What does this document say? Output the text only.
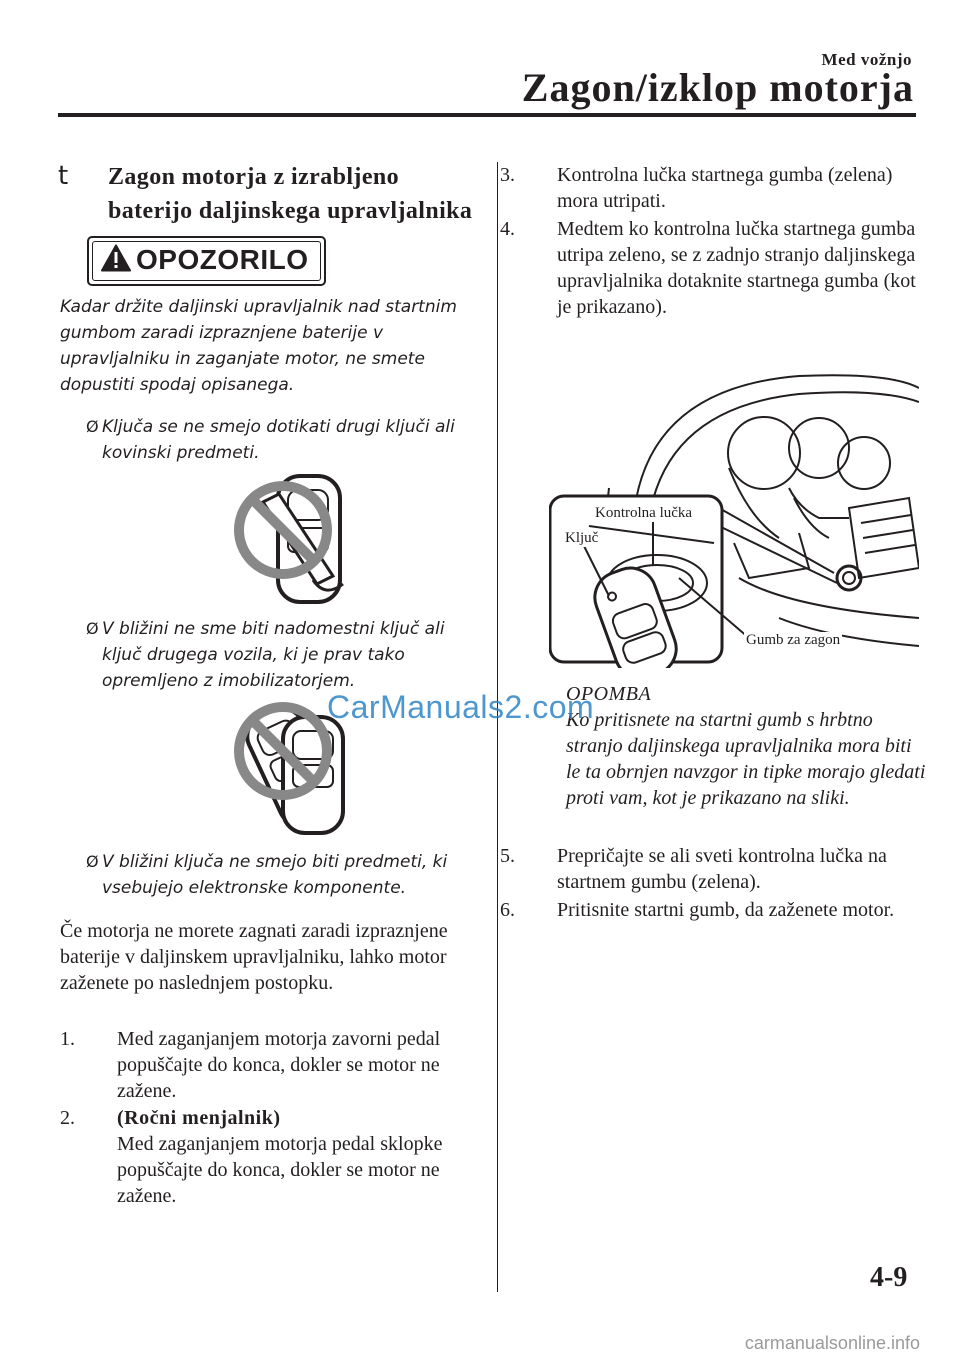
Med vožnjo
Zagon/izklop motorja
t Zagon motorja z izrabljeno baterijo daljinskega upravljalnika
OPOZORILO
Kadar držite daljinski upravljalnik nad startnim gumbom zaradi izpraznjene baterije v upravljalniku in zaganjate motor, ne smete dopustiti spodaj opisanega.
Ø Ključa se ne smejo dotikati drugi ključi ali kovinski predmeti.
Ø V bližini ne sme biti nadomestni ključ ali ključ drugega vozila, ki je prav tako opremljeno z imobilizatorjem.
Ø V bližini ključa ne smejo biti predmeti, ki vsebujejo elektronske komponente.
Če motorja ne morete zagnati zaradi izpraznjene baterije v daljinskem upravljalniku, lahko motor zaženete po naslednjem postopku.
1. Med zaganjanjem motorja zavorni pedal popuščajte do konca, dokler se motor ne zažene.
2. (Ročni menjalnik)
Med zaganjanjem motorja pedal sklopke popuščajte do konca, dokler se motor ne zažene.
3. Kontrolna lučka startnega gumba (zelena) mora utripati.
4. Medtem ko kontrolna lučka startnega gumba utripa zeleno, se z zadnjo stranjo daljinskega upravljalnika dotaknite startnega gumba (kot je prikazano).
Kontrolna lučka
Ključ
Gumb za zagon
OPOMBA
Ko pritisnete na startni gumb s hrbtno stranjo daljinskega upravljalnika mora biti le ta obrnjen navzgor in tipke morajo gledati proti vam, kot je prikazano na sliki.
5. Prepričajte se ali sveti kontrolna lučka na startnem gumbu (zelena).
6. Pritisnite startni gumb, da zaženete motor.
CarManuals2.com
4-9
carmanualsonline.info
